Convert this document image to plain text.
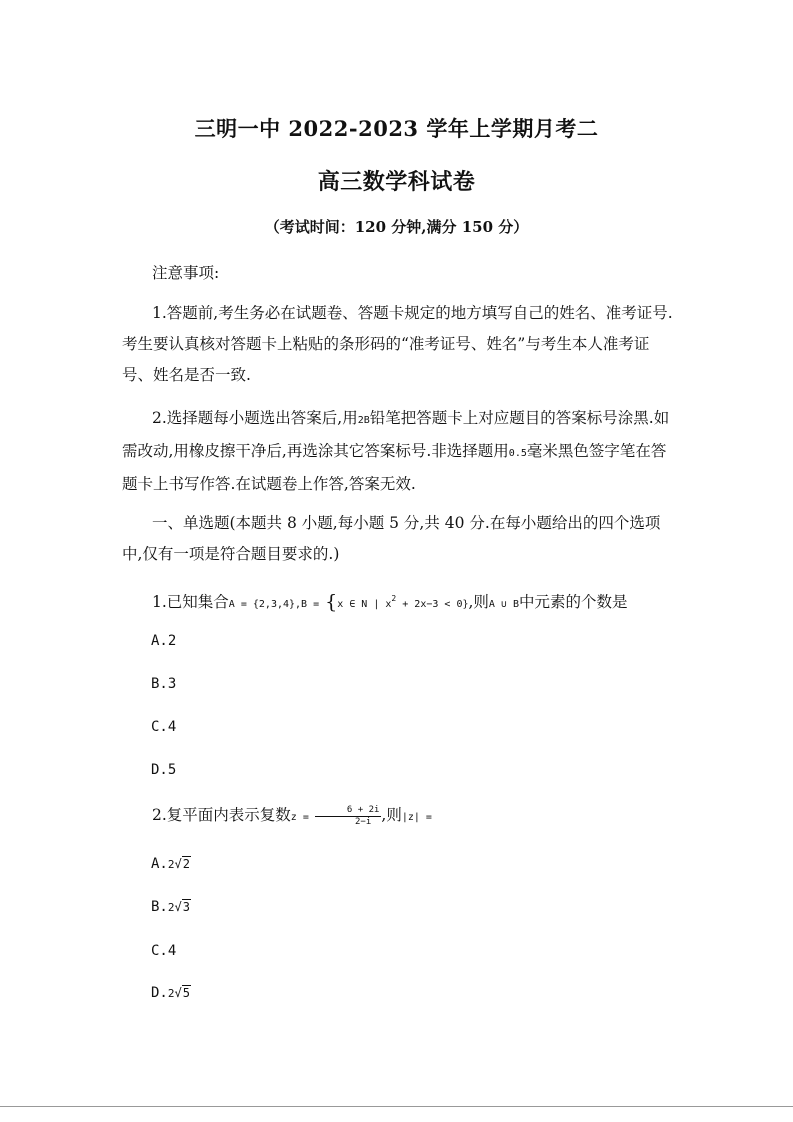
三明一中 2022-2023 学年上学期月考二
高三数学科试卷
（考试时间：120 分钟,满分 150 分）
注意事项:
1.答题前,考生务必在试题卷、答题卡规定的地方填写自己的姓名、准考证号.考生要认真核对答题卡上粘贴的条形码的“准考证号、姓名”与考生本人准考证号、姓名是否一致.
2.选择题每小题选出答案后,用2B铅笔把答题卡上对应题目的答案标号涂黑.如需改动,用橡皮擦干净后,再选涂其它答案标号.非选择题用0.5毫米黑色签字笔在答题卡上书写作答.在试题卷上作答,答案无效.
一、单选题(本题共 8 小题,每小题 5 分,共 40 分.在每小题给出的四个选项中,仅有一项是符合题目要求的.)
1.已知集合A = {2,3,4},B = {x ∈ N | $x^2 + 2x-3 < 0$},则A ∪ B中元素的个数是
A.2
B.3
C.4
D.5
2.复平面内表示复数$z = \frac{6 + 2i}{2-i}$ ,则|z| =
A.2√2
B.2√3
C.4
D.2√5
